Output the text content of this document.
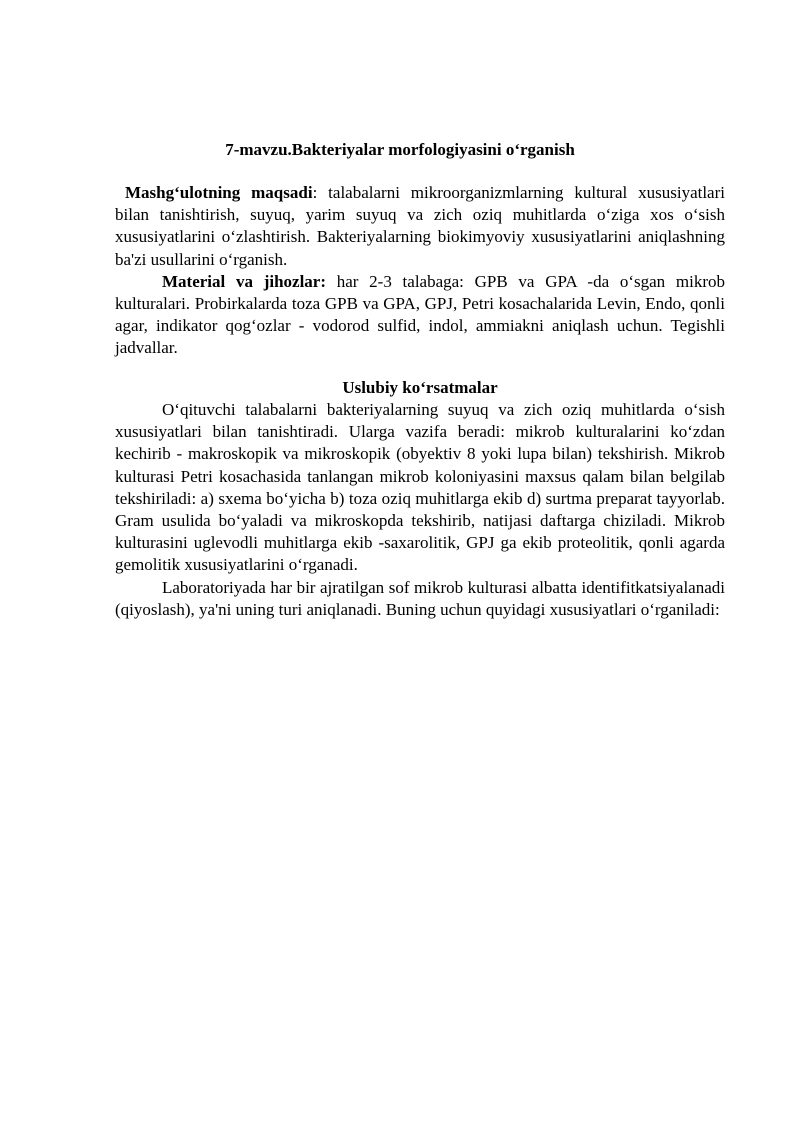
7-mavzu.Bakteriyalar morfologiyasini o‘rganish

Mashg‘ulotning maqsadi: talabalarni mikroorganizmlarning kultural xususiyatlari bilan tanishtirish, suyuq, yarim suyuq va zich oziq muhitlarda o‘ziga xos o‘sish xususiyatlarini o‘zlashtirish. Bakteriyalarning biokimyoviy xususiyatlarini aniqlashning ba'zi usullarini o‘rganish.

Material va jihozlar: har 2-3 talabaga: GPB va GPA -da o‘sgan mikrob kulturalari. Probirkalarda toza GPB va GPA, GPJ, Petri kosachalarida Levin, Endo, qonli agar, indikator qog‘ozlar - vodorod sulfid, indol, ammiakni aniqlash uchun. Tegishli jadvallar.

Uslubiy ko‘rsatmalar

O‘qituvchi talabalarni bakteriyalarning suyuq va zich oziq muhitlarda o‘sish xususiyatlari bilan tanishtiradi. Ularga vazifa beradi: mikrob kulturalarini ko‘zdan kechirib - makroskopik va mikroskopik (obyektiv 8 yoki lupa bilan) tekshirish. Mikrob kulturasi Petri kosachasida tanlangan mikrob koloniyasini maxsus qalam bilan belgilab tekshiriladi: a) sxema bo‘yicha b) toza oziq muhitlarga ekib d) surtma preparat tayyorlab. Gram usulida bo‘yaladi va mikroskopda tekshirib, natijasi daftarga chiziladi. Mikrob kulturasini uglevodli muhitlarga ekib -saxarolitik, GPJ ga ekib proteolitik, qonli agarda gemolitik xususiyatlarini o‘rganadi.

Laboratoriyada har bir ajratilgan sof mikrob kulturasi albatta identifitkatsiyalanadi (qiyoslash), ya'ni uning turi aniqlanadi. Buning uchun quyidagi xususiyatlari o‘rganiladi:
